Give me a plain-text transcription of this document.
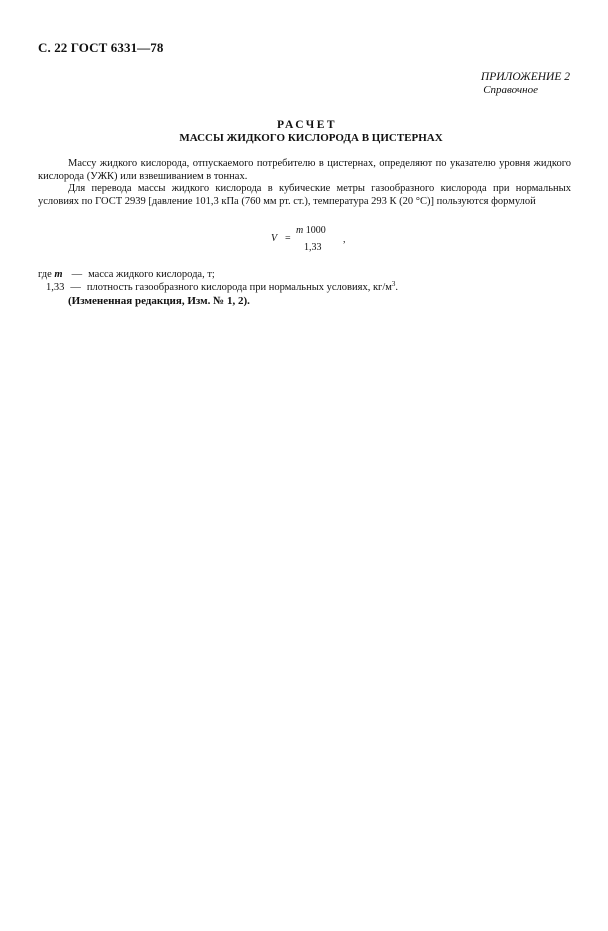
С. 22 ГОСТ 6331—78
ПРИЛОЖЕНИЕ 2
Справочное
РАСЧЕТ
МАССЫ ЖИДКОГО КИСЛОРОДА В ЦИСТЕРНАХ
Массу жидкого кислорода, отпускаемого потребителю в цистернах, определяют по указателю уровня жидкого кислорода (УЖК) или взвешиванием в тоннах.
Для перевода массы жидкого кислорода в кубические метры газообразного кислорода при нормальных условиях по ГОСТ 2939 [давление 101,3 кПа (760 мм рт. ст.), температура 293 К (20 °С)] пользуются формулой
V =
m 1000
1,33
,
где m — масса жидкого кислорода, т;
1,33 — плотность газообразного кислорода при нормальных условиях, $кг/м^3$.
(Измененная редакция, Изм. № 1, 2).
